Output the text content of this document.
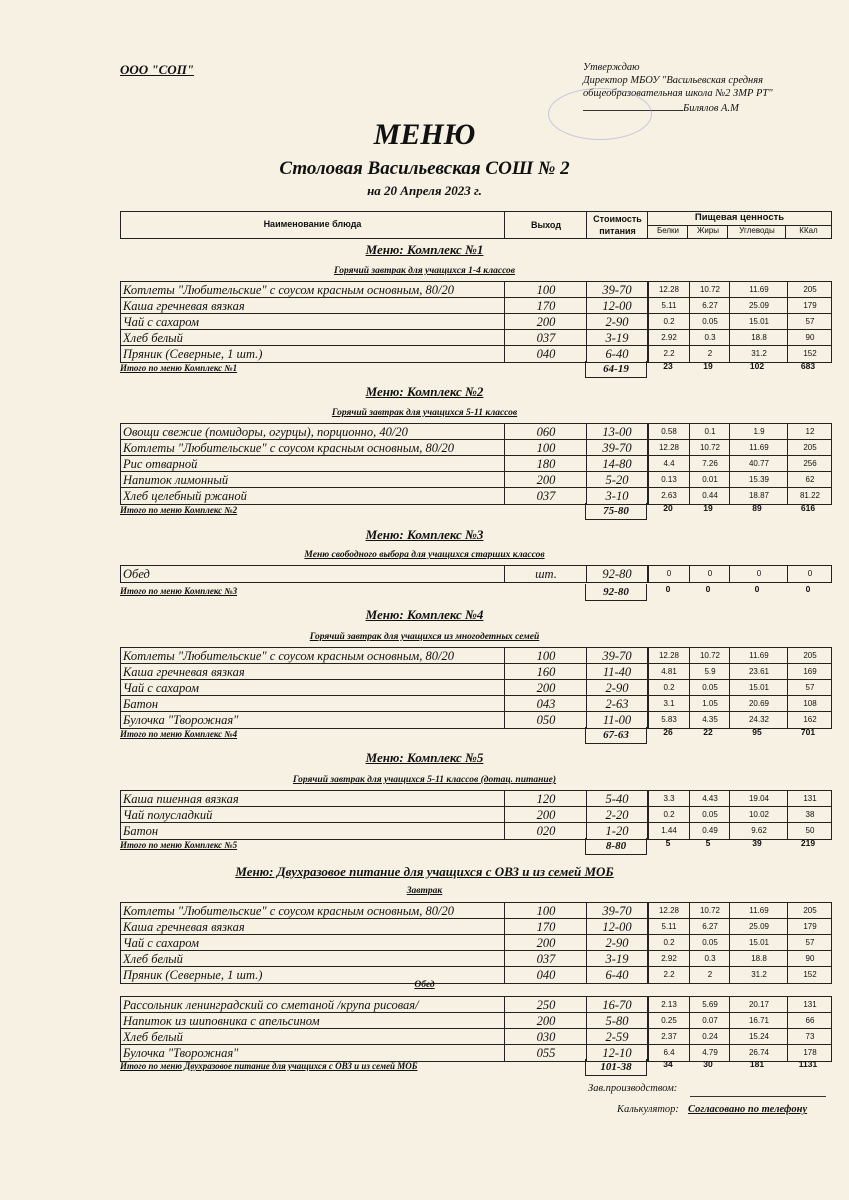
ООО "СОП"	Утверждаю
Директор МБОУ "Васильевская средняя
общеобразовательная школа №2 ЗМР РТ"
Билялов А.М
МЕНЮ
Столовая Васильевская СОШ № 2
на 20 Апреля 2023 г.
Наименование блюда	Выход
Стоимость
питания
Пищевая ценность
Белки	Жиры	Углеводы	ККал
Меню: Комплекс №1
Горячий завтрак для учащихся 1-4 классов
Котлеты "Любительские" с соусом красным основным, 80/20	100	39-70	12.28	10.72	11.69	205
Каша гречневая вязкая	170	12-00	5.11	6.27	25.09	179
Чай с сахаром	200	2-90	0.2	0.05	15.01	57
Хлеб белый	037	3-19	2.92	0.3	18.8	90
Пряник (Северные, 1 шт.)	040	6-40	2.2	2	31.2	152
Итого по меню Комплекс №1	64-19	23	19	102	683
Меню: Комплекс №2
Горячий завтрак для учащихся 5-11 классов
Овощи свежие (помидоры, огурцы), порционно, 40/20	060	13-00	0.58	0.1	1.9	12
Котлеты "Любительские" с соусом красным основным, 80/20	100	39-70	12.28	10.72	11.69	205
Рис отварной	180	14-80	4.4	7.26	40.77	256
Напиток лимонный	200	5-20	0.13	0.01	15.39	62
Хлеб целебный ржаной	037	3-10	2.63	0.44	18.87	81.22
Итого по меню Комплекс №2	75-80	20	19	89	616
Меню: Комплекс №3
Меню свободного выбора для учащихся старших классов
Обед	шт.	92-80	0	0	0	0
Итого по меню Комплекс №3	92-80	0	0	0	0
Меню: Комплекс №4
Горячий завтрак для учащихся из многодетных семей
Котлеты "Любительские" с соусом красным основным, 80/20	100	39-70	12.28	10.72	11.69	205
Каша гречневая вязкая	160	11-40	4.81	5.9	23.61	169
Чай с сахаром	200	2-90	0.2	0.05	15.01	57
Батон	043	2-63	3.1	1.05	20.69	108
Булочка "Творожная"	050	11-00	5.83	4.35	24.32	162
Итого по меню Комплекс №4	67-63	26	22	95	701
Меню: Комплекс №5
Горячий завтрак для учащихся 5-11 классов (дотац. питание)
Каша пшенная вязкая	120	5-40	3.3	4.43	19.04	131
Чай полусладкий	200	2-20	0.2	0.05	10.02	38
Батон	020	1-20	1.44	0.49	9.62	50
Итого по меню Комплекс №5	8-80	5	5	39	219
Меню: Двухразовое питание для учащихся с ОВЗ и из семей МОБ
Завтрак
Котлеты "Любительские" с соусом красным основным, 80/20	100	39-70	12.28	10.72	11.69	205
Каша гречневая вязкая	170	12-00	5.11	6.27	25.09	179
Чай с сахаром	200	2-90	0.2	0.05	15.01	57
Хлеб белый	037	3-19	2.92	0.3	18.8	90
Пряник (Северные, 1 шт.)	040	6-40	2.2	2	31.2	152
Обед
Рассольник ленинградский со сметаной /крупа рисовая/	250	16-70	2.13	5.69	20.17	131
Напиток из шиповника с апельсином	200	5-80	0.25	0.07	16.71	66
Хлеб белый	030	2-59	2.37	0.24	15.24	73
Булочка "Творожная"	055	12-10	6.4	4.79	26.74	178
Итого по меню Двухразовое питание для учащихся с ОВЗ и из семей МОБ	101-38	34	30	181	1131
Зав.производством:
Калькулятор: Согласовано по телефону
